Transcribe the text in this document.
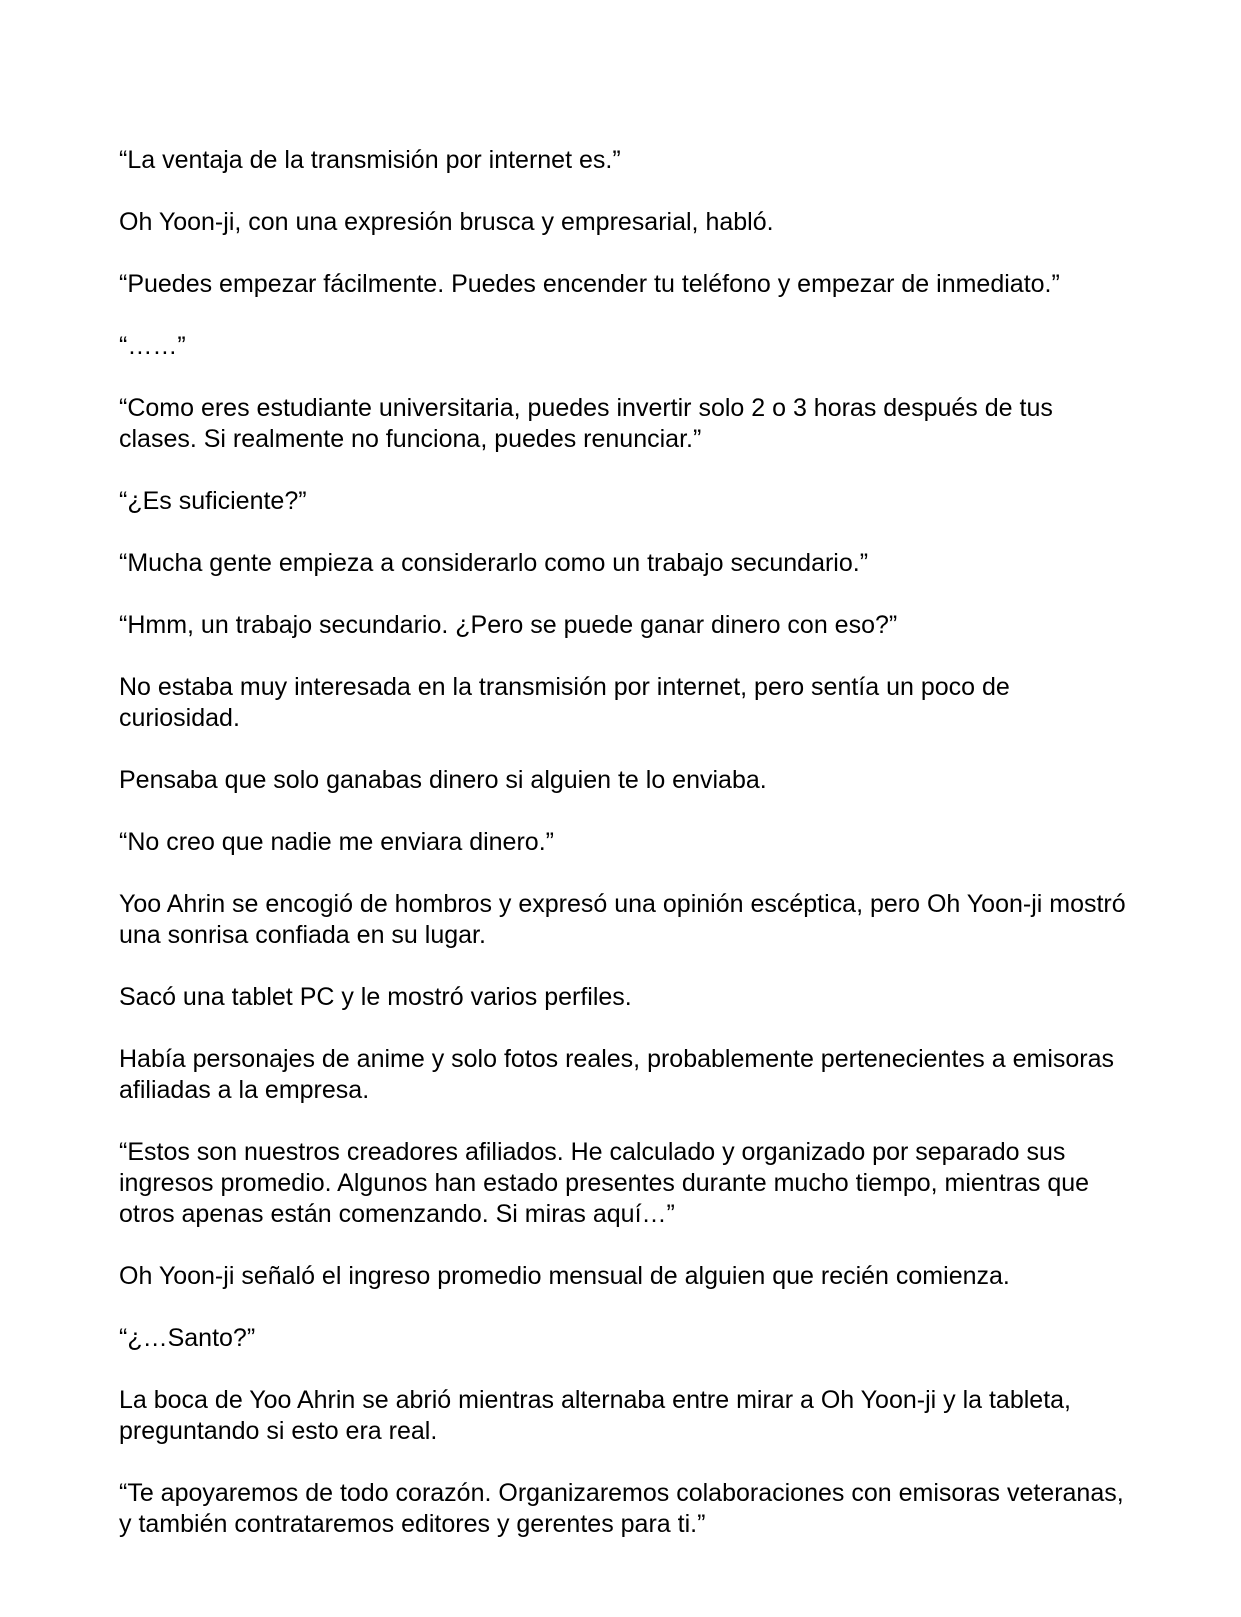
“La ventaja de la transmisión por internet es.”

Oh Yoon-ji, con una expresión brusca y empresarial, habló.

“Puedes empezar fácilmente. Puedes encender tu teléfono y empezar de inmediato.”

“……”

“Como eres estudiante universitaria, puedes invertir solo 2 o 3 horas después de tus clases. Si realmente no funciona, puedes renunciar.”

“¿Es suficiente?”

“Mucha gente empieza a considerarlo como un trabajo secundario.”

“Hmm, un trabajo secundario. ¿Pero se puede ganar dinero con eso?”

No estaba muy interesada en la transmisión por internet, pero sentía un poco de curiosidad.

Pensaba que solo ganabas dinero si alguien te lo enviaba.

“No creo que nadie me enviara dinero.”

Yoo Ahrin se encogió de hombros y expresó una opinión escéptica, pero Oh Yoon-ji mostró una sonrisa confiada en su lugar.

Sacó una tablet PC y le mostró varios perfiles.

Había personajes de anime y solo fotos reales, probablemente pertenecientes a emisoras afiliadas a la empresa.

“Estos son nuestros creadores afiliados. He calculado y organizado por separado sus ingresos promedio. Algunos han estado presentes durante mucho tiempo, mientras que otros apenas están comenzando. Si miras aquí…”

Oh Yoon-ji señaló el ingreso promedio mensual de alguien que recién comienza.

“¿…Santo?”

La boca de Yoo Ahrin se abrió mientras alternaba entre mirar a Oh Yoon-ji y la tableta, preguntando si esto era real.

“Te apoyaremos de todo corazón. Organizaremos colaboraciones con emisoras veteranas, y también contrataremos editores y gerentes para ti.”
